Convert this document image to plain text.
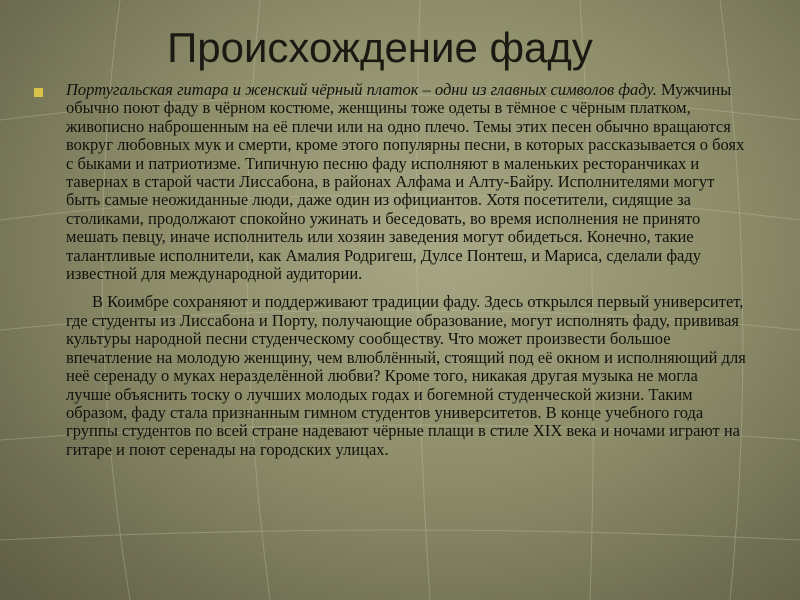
Происхождение фаду

Португальская гитара и женский чёрный платок – одни из главных символов фаду. Мужчины обычно поют фаду в чёрном костюме, женщины тоже одеты в тёмное с чёрным платком, живописно наброшенным на её плечи или на одно плечо. Темы этих песен обычно вращаются вокруг любовных мук и смерти, кроме этого популярны песни, в которых рассказывается о боях с быками и патриотизме. Типичную песню фаду исполняют в маленьких ресторанчиках и тавернах в старой части Лиссабона, в районах Алфама и Алту-Байру. Исполнителями могут быть самые неожиданные люди, даже один из официантов. Хотя посетители, сидящие за столиками, продолжают спокойно ужинать и беседовать, во время исполнения не принято мешать певцу, иначе исполнитель или хозяин заведения могут обидеться. Конечно, такие талантливые исполнители, как Амалия Родригеш, Дулсе Понтеш, и Мариса, сделали фаду известной для международной аудитории.

В Коимбре сохраняют и поддерживают традиции фаду. Здесь открылся первый университет, где студенты из Лиссабона и Порту, получающие образование, могут исполнять фаду, прививая культуры народной песни студенческому сообществу. Что может произвести большое впечатление на молодую женщину, чем влюблённый, стоящий под её окном и исполняющий для неё серенаду о муках неразделённой любви? Кроме того, никакая другая музыка не могла лучше объяснить тоску о лучших молодых годах и богемной студенческой жизни. Таким образом, фаду стала признанным гимном студентов университетов. В конце учебного года группы студентов по всей стране надевают чёрные плащи в стиле XIX века и ночами играют на гитаре и поют серенады на городских улицах.
